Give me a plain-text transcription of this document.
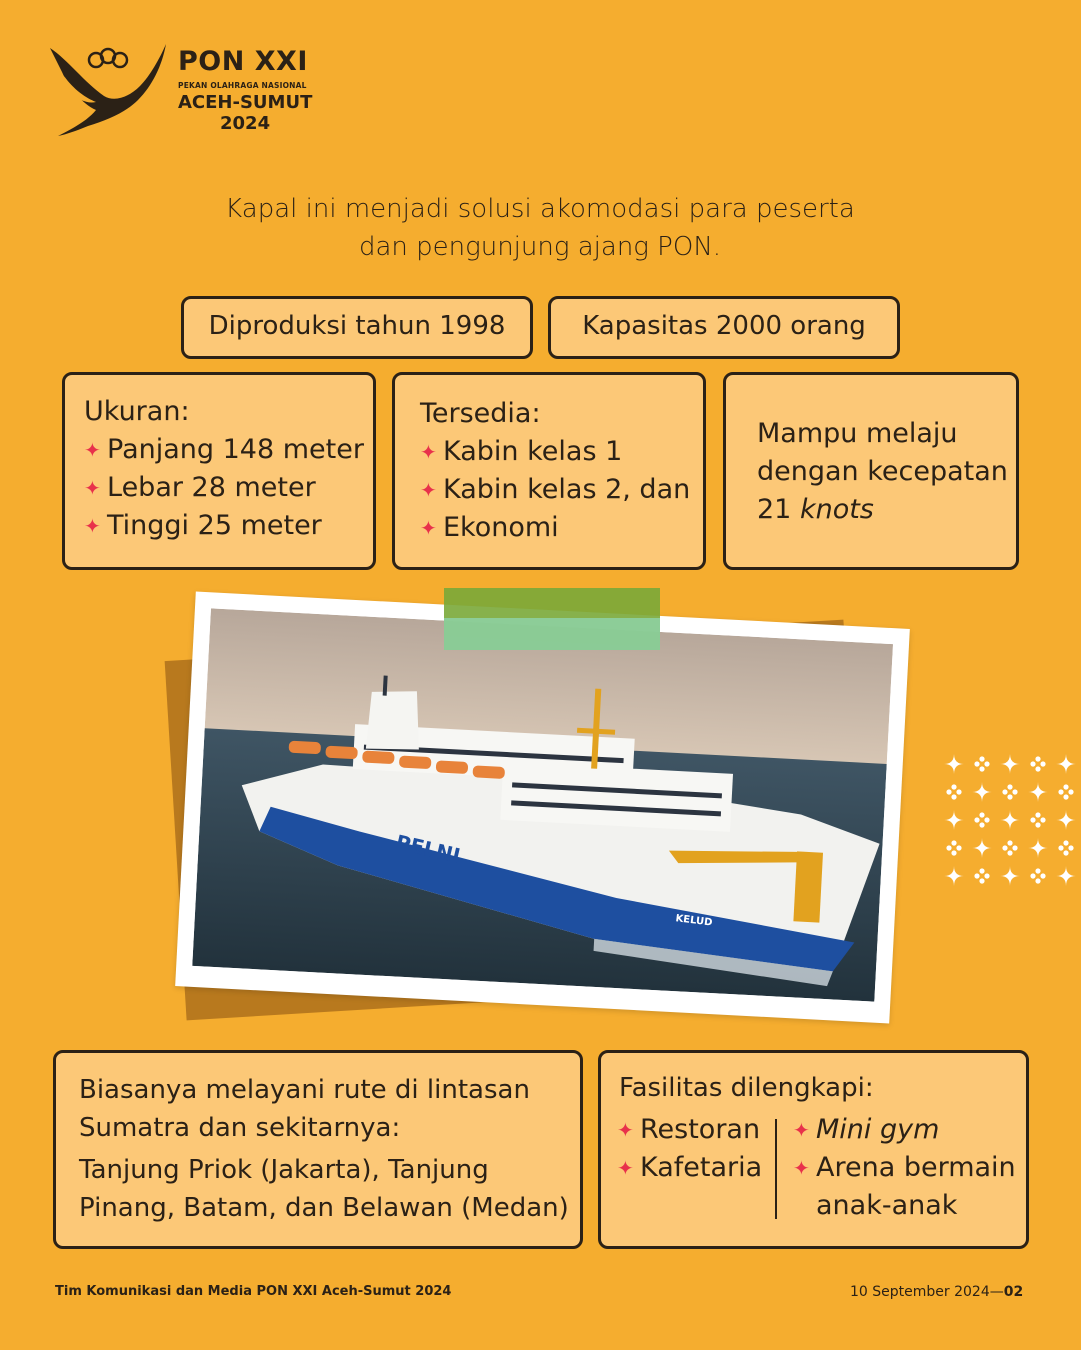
PON XXI
PEKAN OLAHRAGA NASIONAL
ACEH-SUMUT
2024
Kapal ini menjadi solusi akomodasi para peserta
dan pengunjung ajang PON.
Diproduksi tahun 1998	Kapasitas 2000 orang
Ukuran:
✦ Panjang 148 meter
✦ Lebar 28 meter
✦ Tinggi 25 meter
Tersedia:
✦ Kabin kelas 1
✦ Kabin kelas 2, dan
✦ Ekonomi
Mampu melaju
dengan kecepatan
21 knots
PELNI
KELUD
Biasanya melayani rute di lintasan
Sumatra dan sekitarnya:
Tanjung Priok (Jakarta), Tanjung
Pinang, Batam, dan Belawan (Medan)
Fasilitas dilengkapi:
✦ Restoran
✦ Kafetaria
✦ Mini gym
✦ Arena bermain
anak-anak
Tim Komunikasi dan Media PON XXI Aceh-Sumut 2024	10 September 2024—02
